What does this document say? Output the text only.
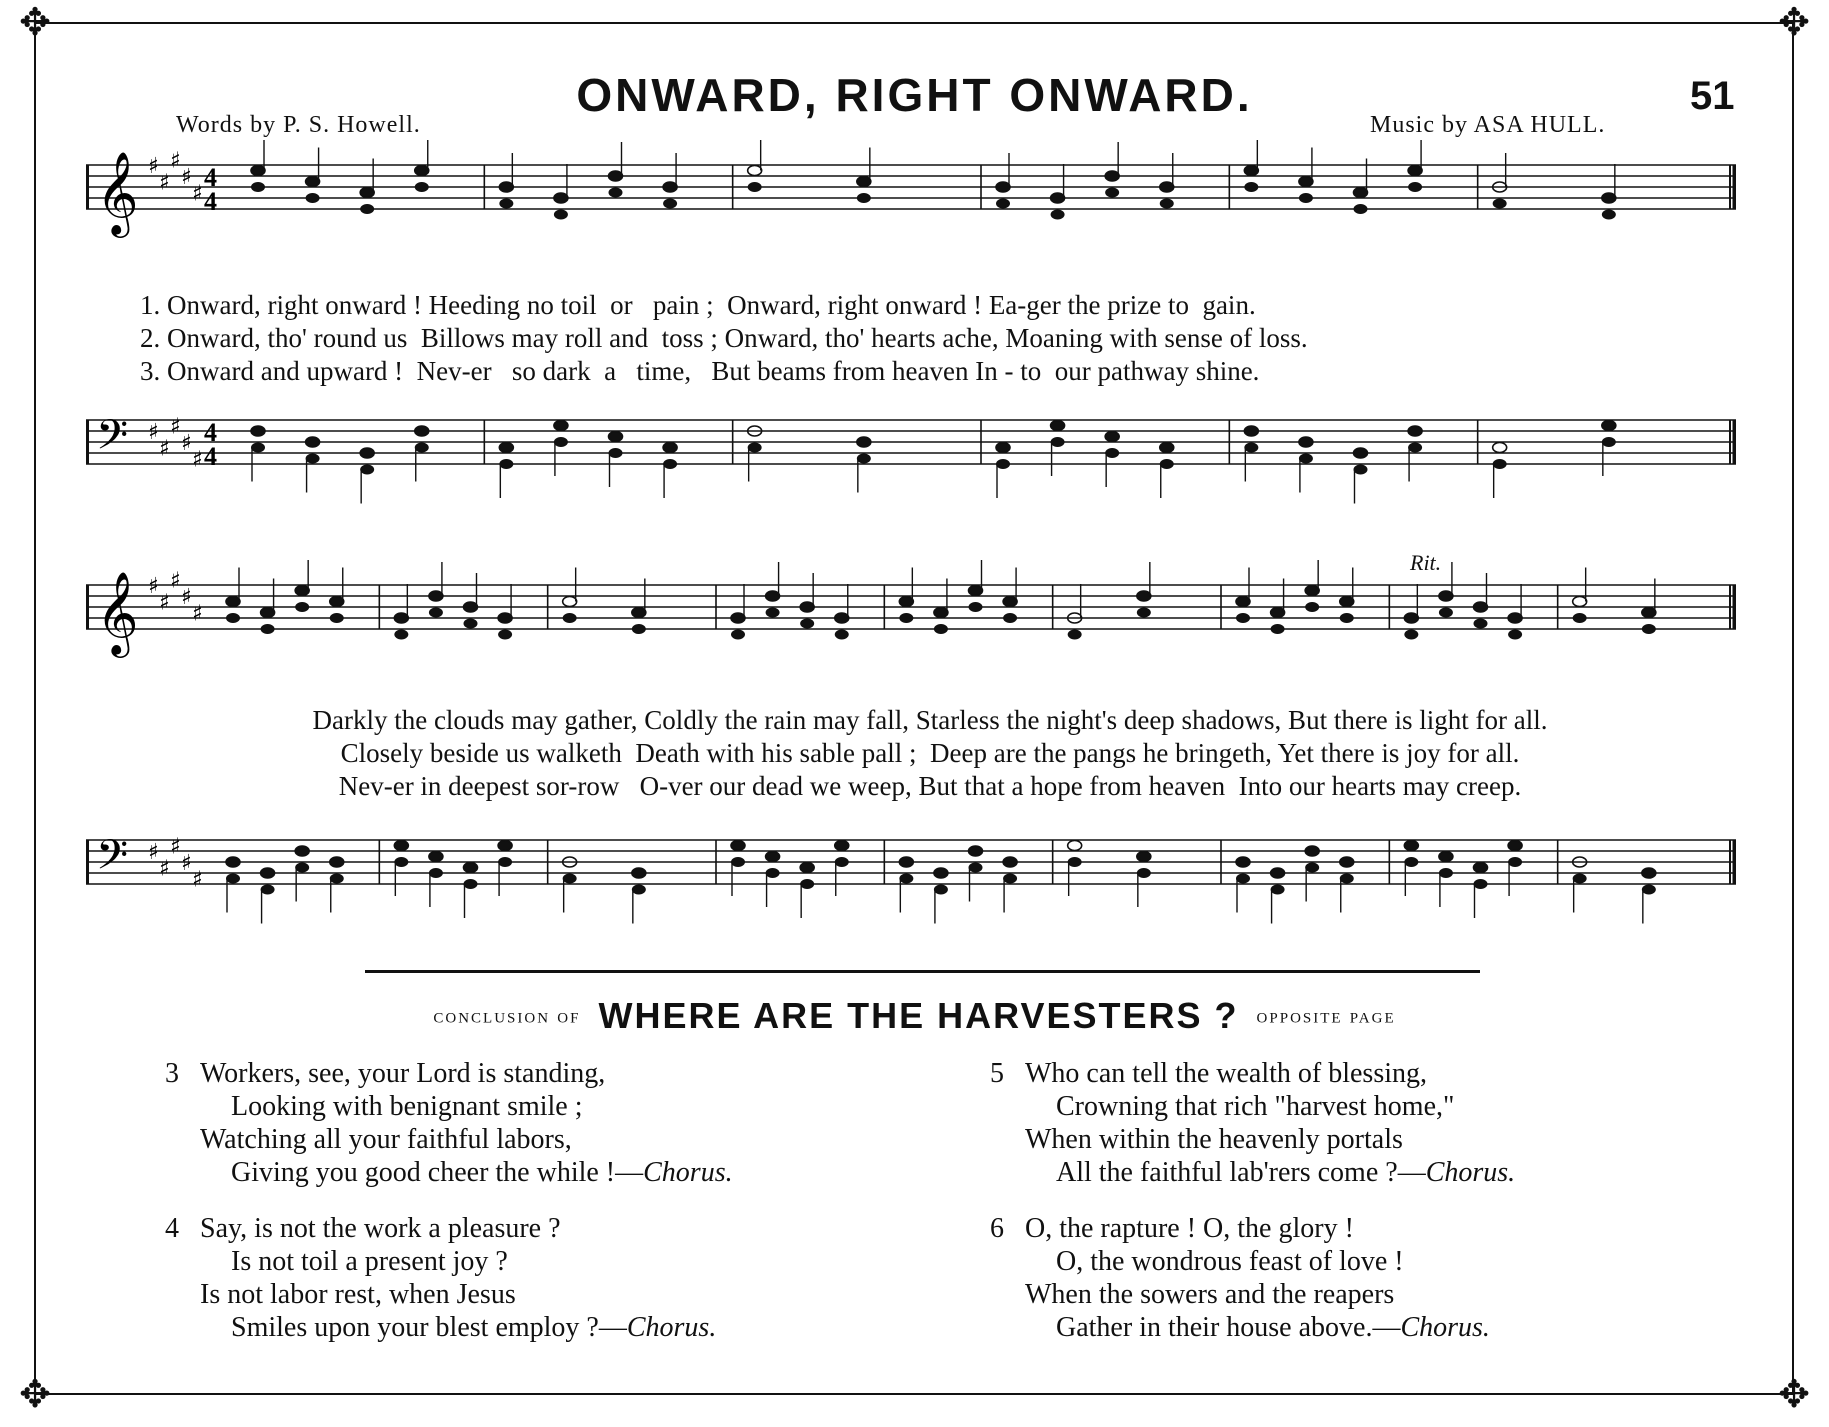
✥	✥
✥	✥
ONWARD, RIGHT ONWARD.	51
Words by P. S. Howell.	Music by ASA HULL.
𝄞 ♯
♯
♯
♯
♯
4
4
𝄢 ♯
♯
♯
♯
♯
4
4
𝄞 ♯
♯
♯
♯
♯
𝄢 ♯
♯
♯
♯
♯
Rit.
1. Onward, right onward ! Heeding no toil  or   pain ;  Onward, right onward ! Ea-ger the prize to  gain.
2. Onward, tho' round us  Billows may roll and  toss ; Onward, tho' hearts ache, Moaning with sense of loss.
3. Onward and upward !  Nev-er   so dark  a   time,   But beams from heaven In - to  our pathway shine.
Darkly the clouds may gather, Coldly the rain may fall, Starless the night's deep shadows, But there is light for all.
Closely beside us walketh  Death with his sable pall ;  Deep are the pangs he bringeth, Yet there is joy for all.
Nev-er in deepest sor-row   O-ver our dead we weep, But that a hope from heaven  Into our hearts may creep.
conclusion of WHERE ARE THE HARVESTERS ? opposite page
3 Workers, see, your Lord is standing,
Looking with benignant smile ;
Watching all your faithful labors,
Giving you good cheer the while !—Chorus.
5 Who can tell the wealth of blessing,
Crowning that rich "harvest home,"
When within the heavenly portals
All the faithful lab'rers come ?—Chorus.
4 Say, is not the work a pleasure ?
Is not toil a present joy ?
Is not labor rest, when Jesus
Smiles upon your blest employ ?—Chorus.
6 O, the rapture ! O, the glory !
O, the wondrous feast of love !
When the sowers and the reapers
Gather in their house above.—Chorus.
